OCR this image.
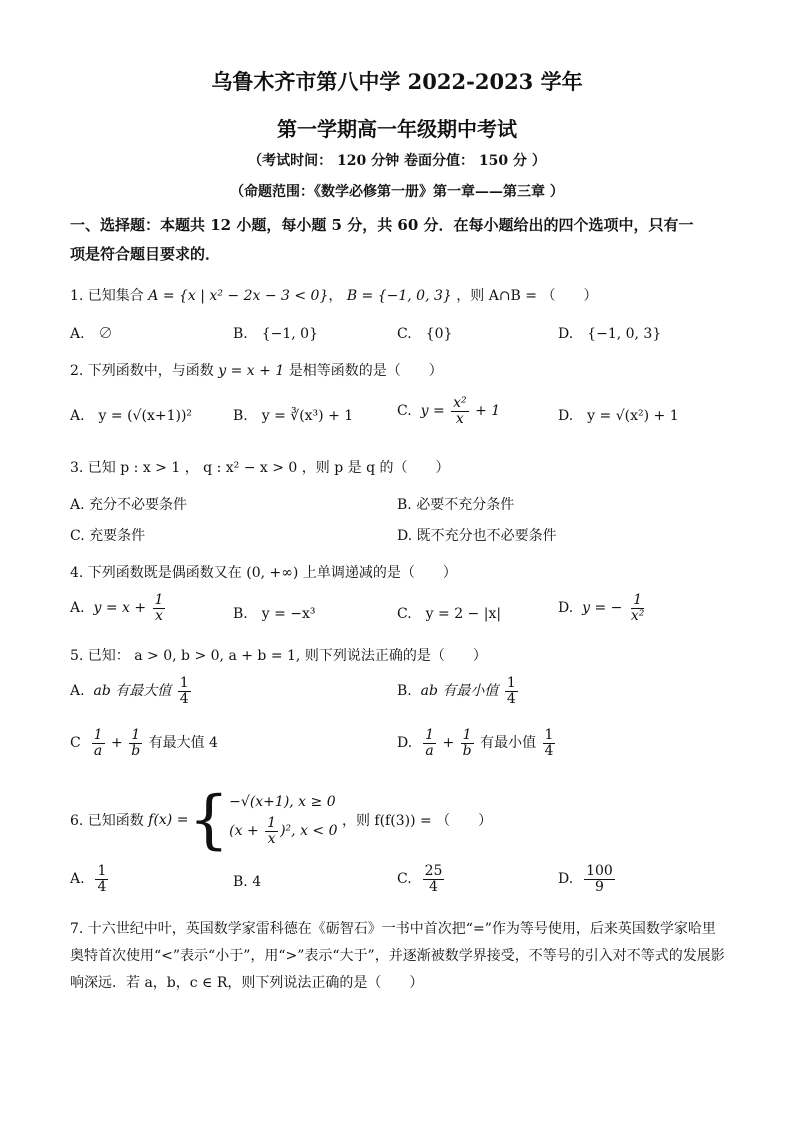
乌鲁木齐市第八中学 2022-2023 学年
第一学期高一年级期中考试
（考试时间： 120 分钟 卷面分值： 150 分 ）
（命题范围：《数学必修第一册》第一章——第三章 ）
一、选择题：本题共 12 小题，每小题 5 分，共 60 分．在每小题给出的四个选项中，只有一
项是符合题目要求的．
1. 已知集合 A = {x | x² − 2x − 3 < 0}， B = {−1, 0, 3} ，则 A∩B = （　　）
A.　∅	B.　{−1, 0}	C.　{0}	D.　{−1, 0, 3}
2. 下列函数中，与函数 y = x + 1 是相等函数的是（　　）
A.　y = (√(x+1))²	B.　y = ∛(x³) + 1	C. $y = \frac{\text{x²}}{x} + 1$	D.　y = √(x²) + 1
3. 已知 p : x > 1 ， q : x² − x > 0 ，则 p 是 q 的（　　）
A. 充分不必要条件	B. 必要不充分条件
C. 充要条件	D. 既不充分也不必要条件
4. 下列函数既是偶函数又在 (0, +∞) 上单调递减的是（　　）
A. $y = x + \frac{1}{x}$	B.　y = −x³	C.　y = 2 − |x|	D. y = − $\frac{1}{\text{x²}}$
5. 已知： a > 0, b > 0, a + b = 1, 则下列说法正确的是（　　）
A. ab 有最大值 $\frac{1}{4}$	B. ab 有最小值 $\frac{1}{4}$
C $\frac{1}{a} + \frac{1}{b}$ 有最大值 4	D. $\frac{1}{a} + \frac{1}{b}$ 有最小值 $\frac{1}{4}$
6. 已知函数
f(x) = { −√(x+1), x ≥ 0
$(x + \frac{1}{x} )^2$, x < 0

，则 f(f(3)) = （　　）
A. $\frac{1}{4}$	B. 4	C. $\frac{25}{4}$	D. $\frac{100}{9}$
7. 十六世纪中叶，英国数学家雷科德在《砺智石》一书中首次把“=”作为等号使用，后来英国数学家哈里
奥特首次使用“<”表示“小于”，用“>”表示“大于”，并逐渐被数学界接受，不等号的引入对不等式的发展影
响深远．若 a，b，c ∈ R，则下列说法正确的是（　　）
